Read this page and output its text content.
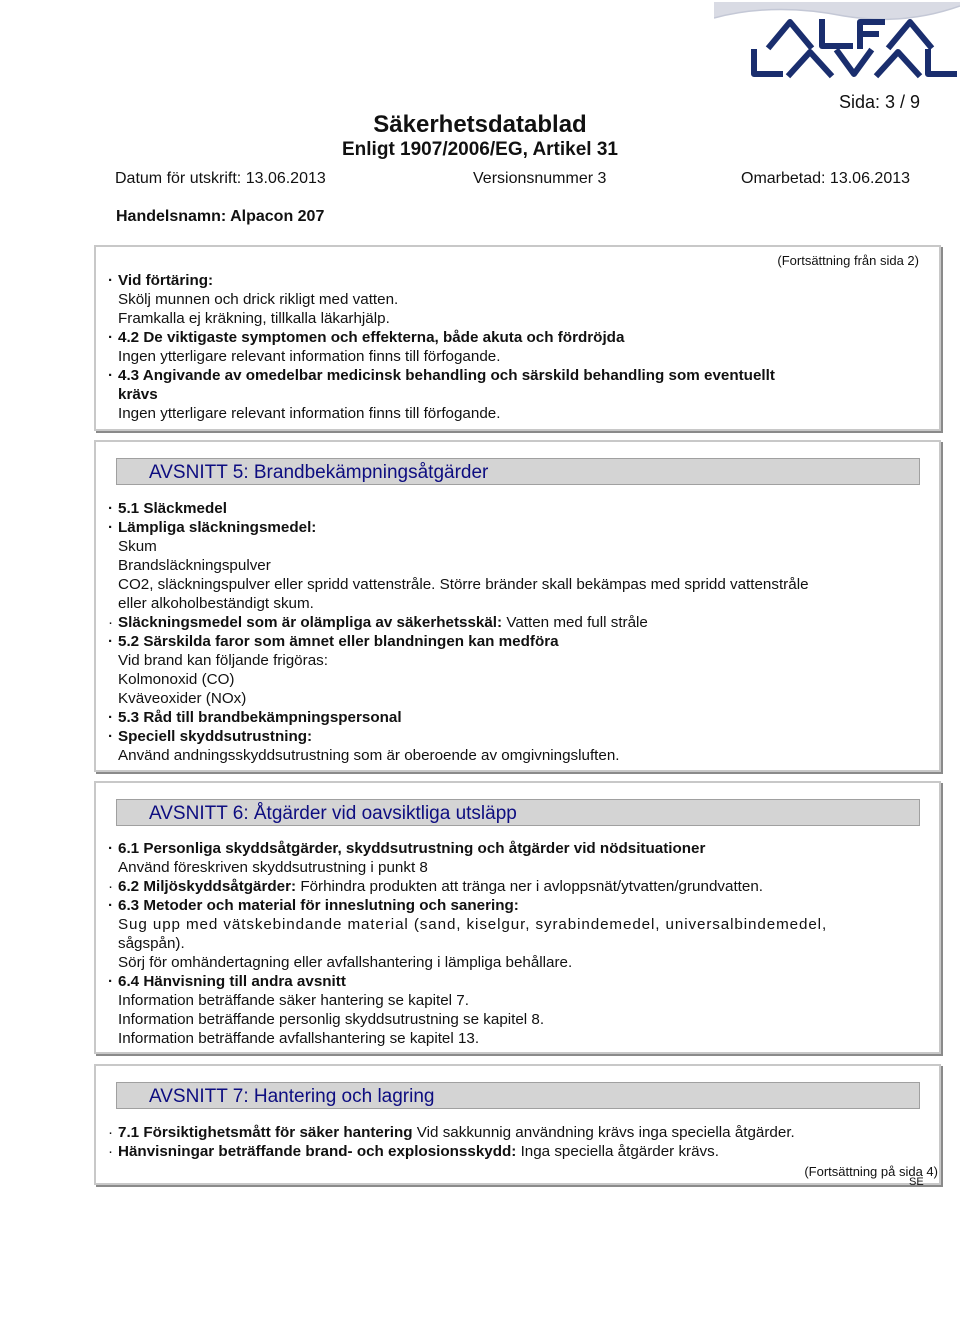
Sida: 3 / 9
Säkerhetsdatablad
Enligt 1907/2006/EG, Artikel 31
Datum för utskrift: 13.06.2013	Versionsnummer 3	Omarbetad: 13.06.2013
Handelsnamn: Alpacon 207
(Fortsättning från sida 2)
· Vid förtäring:
Skölj munnen och drick rikligt med vatten.
Framkalla ej kräkning, tillkalla läkarhjälp.
· 4.2 De viktigaste symptomen och effekterna, både akuta och fördröjda
Ingen ytterligare relevant information finns till förfogande.
· 4.3 Angivande av omedelbar medicinsk behandling och särskild behandling som eventuellt
krävs
Ingen ytterligare relevant information finns till förfogande.
AVSNITT 5: Brandbekämpningsåtgärder
· 5.1 Släckmedel
· Lämpliga släckningsmedel:
Skum
Brandsläckningspulver
CO2, släckningspulver eller spridd vattenstråle. Större bränder skall bekämpas med spridd vattenstråle
eller alkoholbeständigt skum.
· Släckningsmedel som är olämpliga av säkerhetsskäl: Vatten med full stråle
· 5.2 Särskilda faror som ämnet eller blandningen kan medföra
Vid brand kan följande frigöras:
Kolmonoxid (CO)
Kväveoxider (NOx)
· 5.3 Råd till brandbekämpningspersonal
· Speciell skyddsutrustning:
Använd andningsskyddsutrustning som är oberoende av omgivningsluften.
AVSNITT 6: Åtgärder vid oavsiktliga utsläpp
· 6.1 Personliga skyddsåtgärder, skyddsutrustning och åtgärder vid nödsituationer
Använd föreskriven skyddsutrustning i punkt 8
· 6.2 Miljöskyddsåtgärder: Förhindra produkten att tränga ner i avloppsnät/ytvatten/grundvatten.
· 6.3 Metoder och material för inneslutning och sanering:
Sug upp med vätskebindande material (sand, kiselgur, syrabindemedel, universalbindemedel,
sågspån).
Sörj för omhändertagning eller avfallshantering i lämpliga behållare.
· 6.4 Hänvisning till andra avsnitt
Information beträffande säker hantering se kapitel 7.
Information beträffande personlig skyddsutrustning se kapitel 8.
Information beträffande avfallshantering se kapitel 13.
AVSNITT 7: Hantering och lagring
· 7.1 Försiktighetsmått för säker hantering Vid sakkunnig användning krävs inga speciella åtgärder.
· Hänvisningar beträffande brand- och explosionsskydd: Inga speciella åtgärder krävs.
(Fortsättning på sida 4)
SE
